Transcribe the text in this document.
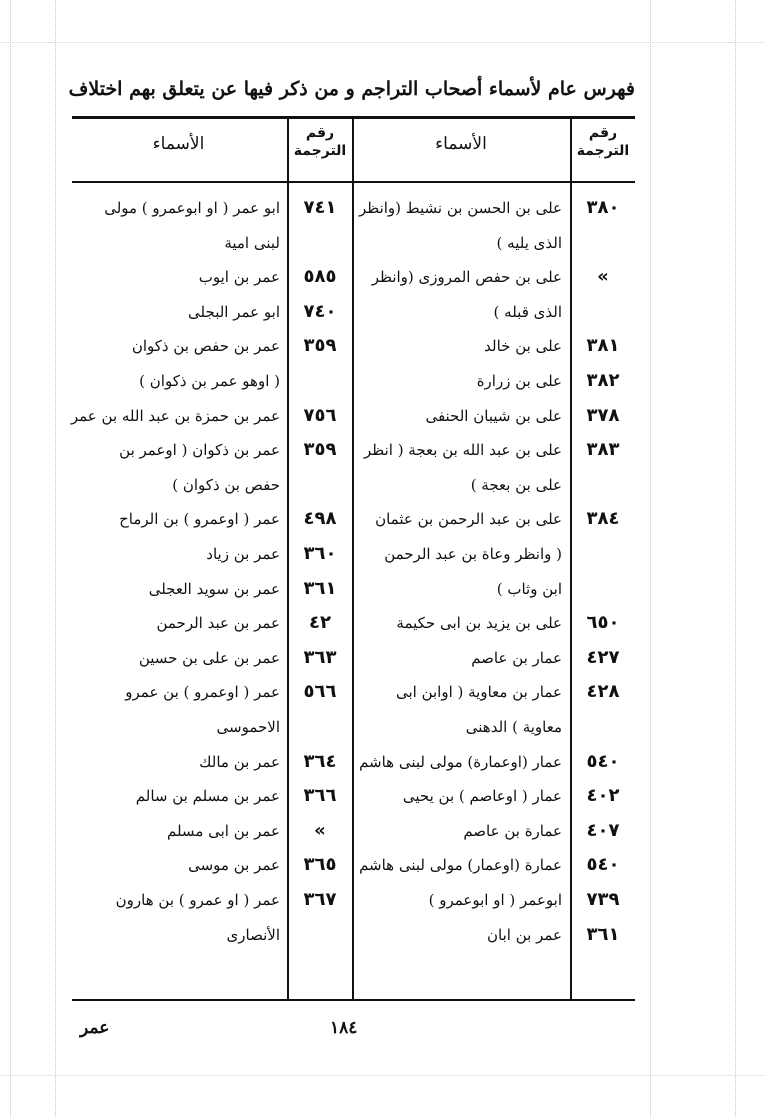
فهرس عام لأسماء أصحاب التراجم و من ذكر فيها عن يتعلق بهم اختلاف
رقم الترجمة
الأسماء
رقم الترجمة
الأسماء
٣٨٠
على بن الحسن بن نشيط (وانظر
الذى يليه )
»
على بن حفص المروزى (وانظر
الذى قبله )
٣٨١
على بن خالد
٣٨٢
على بن زرارة
٣٧٨
على بن شيبان الحنفى
٣٨٣
على بن عبد الله بن بعجة ( انظر
على بن بعجة )
٣٨٤
على بن عبد الرحمن بن عثمان
( وانظر وعاة بن عبد الرحمن
ابن وثاب )
٦٥٠
على بن يزيد بن ابى حكيمة
٤٢٧
عمار بن عاصم
٤٢٨
عمار بن معاوية ( اوابن ابى
معاوية ) الدهنى
٥٤٠
عمار (اوعمارة) مولى لبنى هاشم
٤٠٢
عمار ( اوعاصم ) بن يحيى
٤٠٧
عمارة بن عاصم
٥٤٠
عمارة (اوعمار) مولى لبنى هاشم
٧٣٩
ابوعمر ( او ابوعمرو )
٣٦١
عمر بن ابان
٧٤١
ابو عمر ( او ابوعمرو ) مولى
لبنى امية
٥٨٥
عمر بن ايوب
٧٤٠
ابو عمر البجلى
٣٥٩
عمر بن حفص بن ذكوان
( اوهو عمر بن ذكوان )
٧٥٦
عمر بن حمزة بن عبد الله بن عمر
٣٥٩
عمر بن ذكوان ( اوعمر بن
حفص بن ذكوان )
٤٩٨
عمر ( اوعمرو ) بن الرماح
٣٦٠
عمر بن زياد
٣٦١
عمر بن سويد العجلى
٤٢
عمر بن عبد الرحمن
٣٦٣
عمر بن على بن حسين
٥٦٦
عمر ( اوعمرو ) بن عمرو
الاحموسى
٣٦٤
عمر بن مالك
٣٦٦
عمر بن مسلم بن سالم
»
عمر بن ابى مسلم
٣٦٥
عمر بن موسى
٣٦٧
عمر ( او عمرو ) بن هارون
الأنصارى
١٨٤
عمر
